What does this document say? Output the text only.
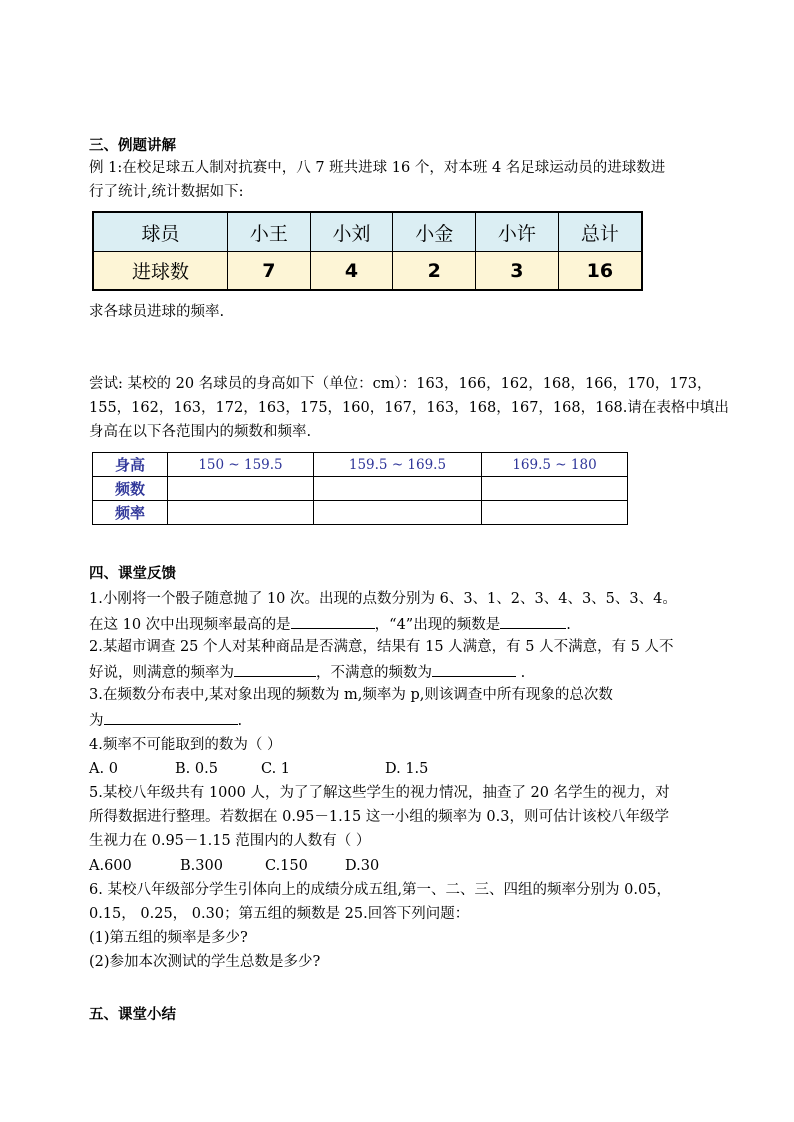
三、例题讲解
例 1:在校足球五人制对抗赛中，八 7 班共进球 16 个，对本班 4 名足球运动员的进球数进
行了统计,统计数据如下:
球员	小王	小刘	小金	小许	总计
进球数	7	4	2	3	16
求各球员进球的频率.
尝试: 某校的 20 名球员的身高如下（单位：cm）：163，166，162，168，166，170，173，
155，162，163，172，163，175，160，167，163，168，167，168，168.请在表格中填出
身高在以下各范围内的频数和频率.
身高	150 ~ 159.5	159.5 ~ 169.5	169.5 ~ 180
频数			
频率			
四、课堂反馈
1.小刚将一个骰子随意抛了 10 次。出现的点数分别为 6、3、1、2、3、4、3、5、3、4。
在这 10 次中出现频率最高的是	，“4”出现的频数是	.
2.某超市调查 25 个人对某种商品是否满意，结果有 15 人满意，有 5 人不满意，有 5 人不
好说，则满意的频率为	，不满意的频数为	.
3.在频数分布表中,某对象出现的频数为 m,频率为 p,则该调查中所有现象的总次数
为	.
4.频率不可能取到的数为（ ）
A. 0	B. 0.5	C. 1	D. 1.5
5.某校八年级共有 1000 人，为了了解这些学生的视力情况，抽查了 20 名学生的视力，对
所得数据进行整理。若数据在 0.95－1.15 这一小组的频率为 0.3，则可估计该校八年级学
生视力在 0.95－1.15 范围内的人数有（ ）
A.600	B.300	C.150	D.30
6. 某校八年级部分学生引体向上的成绩分成五组,第一、二、三、四组的频率分别为 0.05，
0.15， 0.25， 0.30；第五组的频数是 25.回答下列问题：
(1)第五组的频率是多少?
(2)参加本次测试的学生总数是多少?
五、课堂小结
